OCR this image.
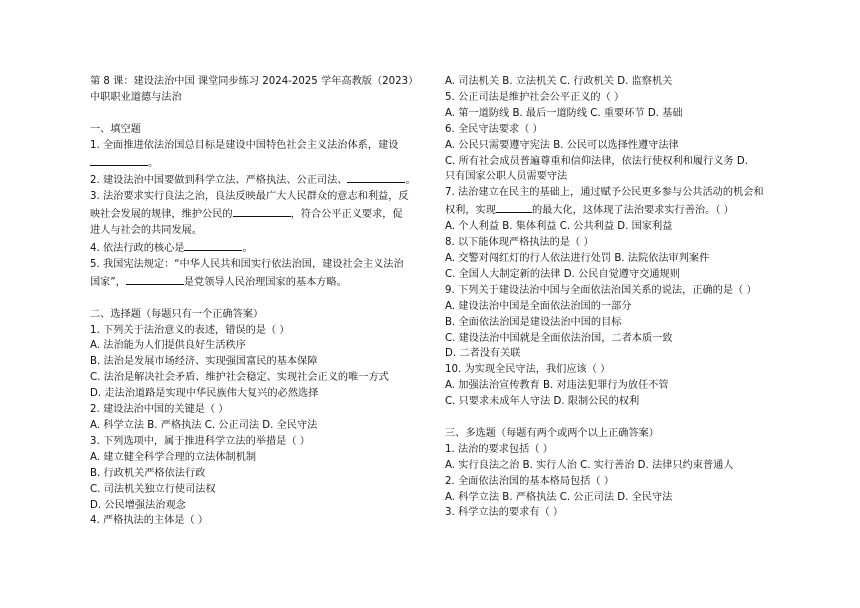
第 8 课：建设法治中国 课堂同步练习 2024-2025 学年高教版（2023）
中职职业道德与法治
一、填空题
1. 全面推进依法治国总目标是建设中国特色社会主义法治体系，建设
。
2. 建设法治中国要做到科学立法、严格执法、公正司法、	。
3. 法治要求实行良法之治，良法反映最广大人民群众的意志和利益，反
映社会发展的规律，维护公民的	，符合公平正义要求，促
进人与社会的共同发展。
4. 依法行政的核心是	。
5. 我国宪法规定：“中华人民共和国实行依法治国，建设社会主义法治
国家”，	是党领导人民治理国家的基本方略。
二、选择题（每题只有一个正确答案）
1. 下列关于法治意义的表述，错误的是（ ）
A. 法治能为人们提供良好生活秩序
B. 法治是发展市场经济、实现强国富民的基本保障
C. 法治是解决社会矛盾、维护社会稳定、实现社会正义的唯一方式
D. 走法治道路是实现中华民族伟大复兴的必然选择
2. 建设法治中国的关键是（ ）
A. 科学立法 B. 严格执法 C. 公正司法 D. 全民守法
3. 下列选项中，属于推进科学立法的举措是（ ）
A. 建立健全科学合理的立法体制机制
B. 行政机关严格依法行政
C. 司法机关独立行使司法权
D. 公民增强法治观念
4. 严格执法的主体是（ ）
A. 司法机关 B. 立法机关 C. 行政机关 D. 监察机关
5. 公正司法是维护社会公平正义的（ ）
A. 第一道防线 B. 最后一道防线 C. 重要环节 D. 基础
6. 全民守法要求（ ）
A. 公民只需要遵守宪法 B. 公民可以选择性遵守法律
C. 所有社会成员普遍尊重和信仰法律，依法行使权利和履行义务 D.
只有国家公职人员需要守法
7. 法治建立在民主的基础上，通过赋予公民更多参与公共活动的机会和
权利，实现	的最大化，这体现了法治要求实行善治。（ ）
A. 个人利益 B. 集体利益 C. 公共利益 D. 国家利益
8. 以下能体现严格执法的是（ ）
A. 交警对闯红灯的行人依法进行处罚 B. 法院依法审判案件
C. 全国人大制定新的法律 D. 公民自觉遵守交通规则
9. 下列关于建设法治中国与全面依法治国关系的说法，正确的是（ ）
A. 建设法治中国是全面依法治国的一部分
B. 全面依法治国是建设法治中国的目标
C. 建设法治中国就是全面依法治国，二者本质一致
D. 二者没有关联
10. 为实现全民守法，我们应该（ ）
A. 加强法治宣传教育 B. 对违法犯罪行为放任不管
C. 只要求未成年人守法 D. 限制公民的权利
三、多选题（每题有两个或两个以上正确答案）
1. 法治的要求包括（ ）
A. 实行良法之治 B. 实行人治 C. 实行善治 D. 法律只约束普通人
2. 全面依法治国的基本格局包括（ ）
A. 科学立法 B. 严格执法 C. 公正司法 D. 全民守法
3. 科学立法的要求有（ ）
